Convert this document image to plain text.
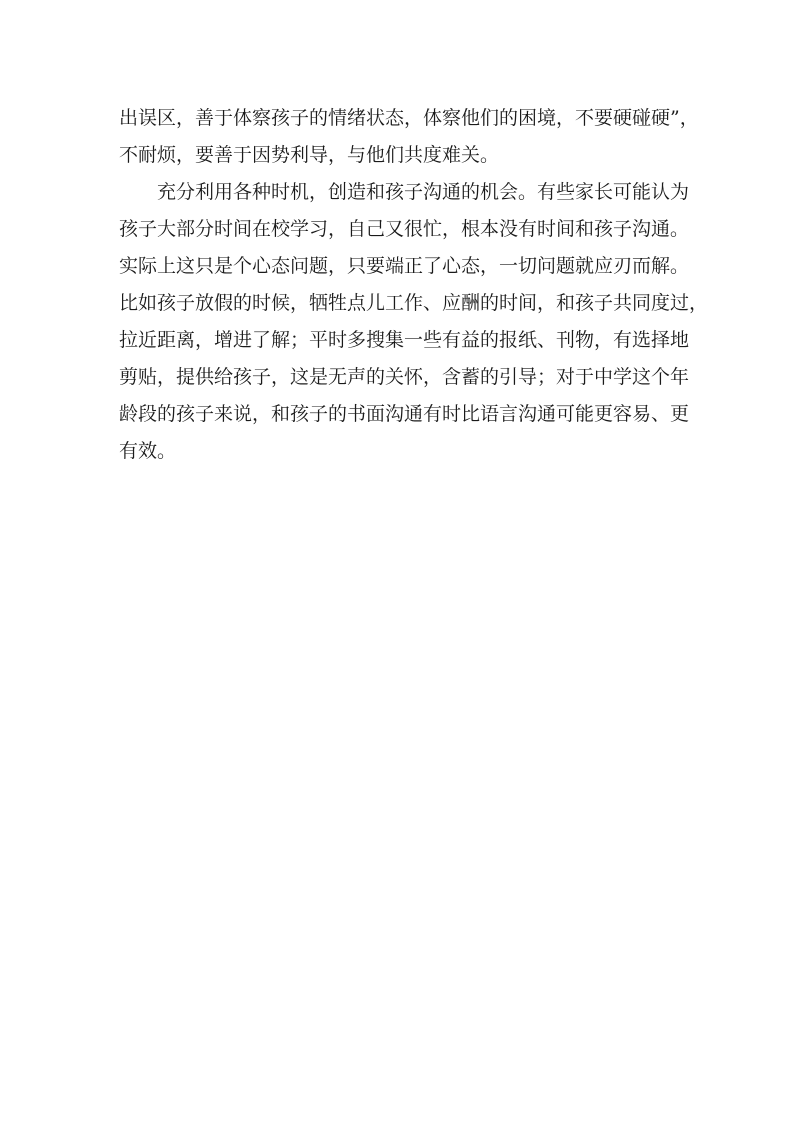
出误区，善于体察孩子的情绪状态，体察他们的困境，不要硬碰硬”，
不耐烦，要善于因势利导，与他们共度难关。
充分利用各种时机，创造和孩子沟通的机会。有些家长可能认为
孩子大部分时间在校学习，自己又很忙，根本没有时间和孩子沟通。
实际上这只是个心态问题，只要端正了心态，一切问题就应刃而解。
比如孩子放假的时候，牺牲点儿工作、应酬的时间，和孩子共同度过，
拉近距离，增进了解；平时多搜集一些有益的报纸、刊物，有选择地
剪贴，提供给孩子，这是无声的关怀，含蓄的引导；对于中学这个年
龄段的孩子来说，和孩子的书面沟通有时比语言沟通可能更容易、更
有效。
